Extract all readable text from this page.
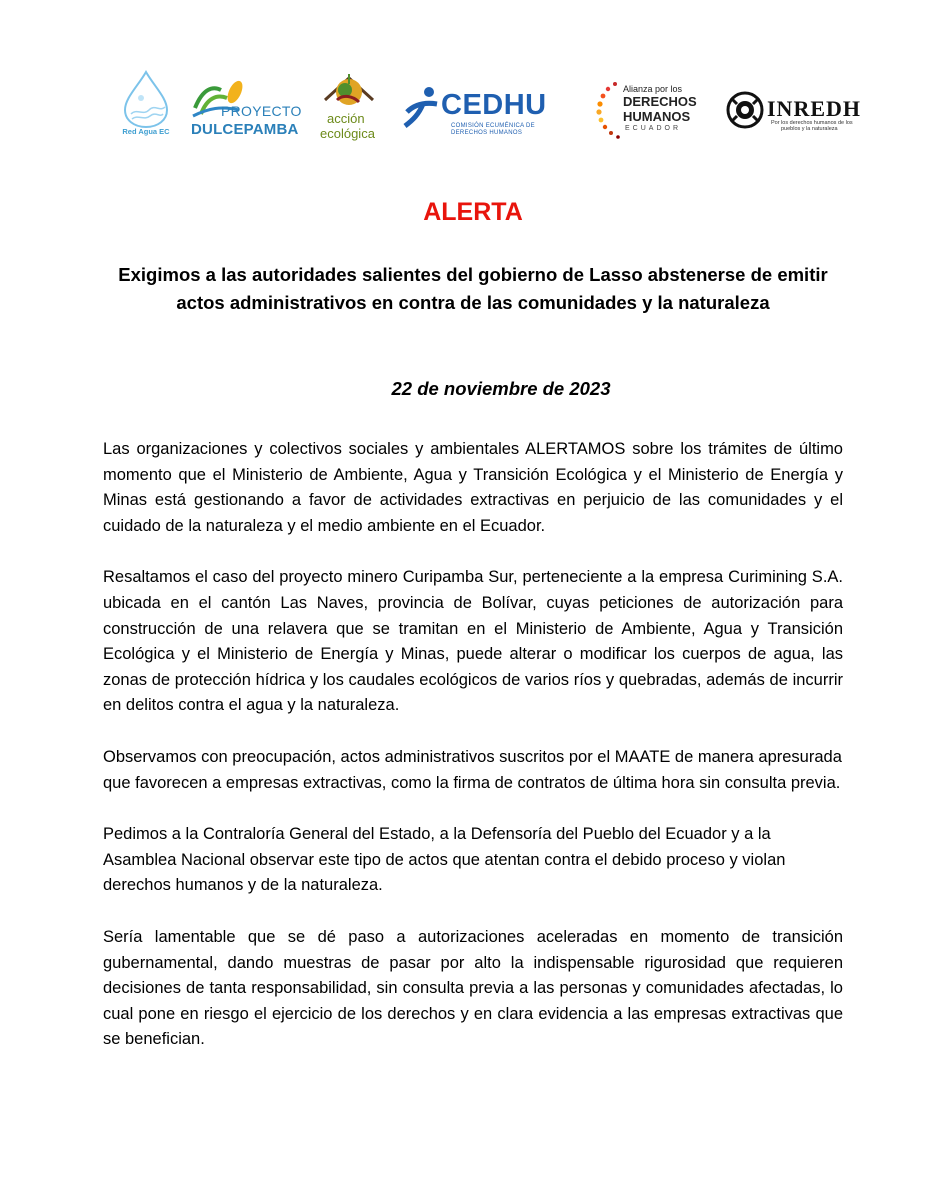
Red Agua EC
PROYECTO
DULCEPAMBA
acción
ecológica
CEDHU
COMISIÓN ECUMÉNICA DE
DERECHOS HUMANOS
Alianza por los
DERECHOS
HUMANOS
ECUADOR
INREDH
Por los derechos humanos de los
pueblos y la naturaleza
ALERTA
Exigimos a las autoridades salientes del gobierno de Lasso abstenerse de emitir actos administrativos en contra de las comunidades y la naturaleza
22 de noviembre de 2023

Las organizaciones y colectivos sociales y ambientales ALERTAMOS sobre los trámites de último momento que el Ministerio de Ambiente, Agua y Transición Ecológica y el Ministerio de Energía y Minas está gestionando a favor de actividades extractivas en perjuicio de las comunidades y el cuidado de la naturaleza y el medio ambiente en el Ecuador.

Resaltamos el caso del proyecto minero Curipamba Sur, perteneciente a la empresa Curimining S.A. ubicada en el cantón Las Naves, provincia de Bolívar, cuyas peticiones de autorización para construcción de una relavera que se tramitan en el Ministerio de Ambiente, Agua y Transición Ecológica y el Ministerio de Energía y Minas, puede alterar o modificar los cuerpos de agua, las zonas de protección hídrica y los caudales ecológicos de varios ríos y quebradas, además de incurrir en delitos contra el agua y la naturaleza.

Observamos con preocupación, actos administrativos suscritos por el MAATE de manera apresurada que favorecen a empresas extractivas, como la firma de contratos de última hora sin consulta previa.

Pedimos a la Contraloría General del Estado, a la Defensoría del Pueblo del Ecuador y a la Asamblea Nacional observar este tipo de actos que atentan contra el debido proceso y violan derechos humanos y de la naturaleza.

Sería lamentable que se dé paso a autorizaciones aceleradas en momento de transición gubernamental, dando muestras de pasar por alto la indispensable rigurosidad que requieren decisiones de tanta responsabilidad, sin consulta previa a las personas y comunidades afectadas, lo cual pone en riesgo el ejercicio de los derechos y en clara evidencia a las empresas extractivas que se benefician.
